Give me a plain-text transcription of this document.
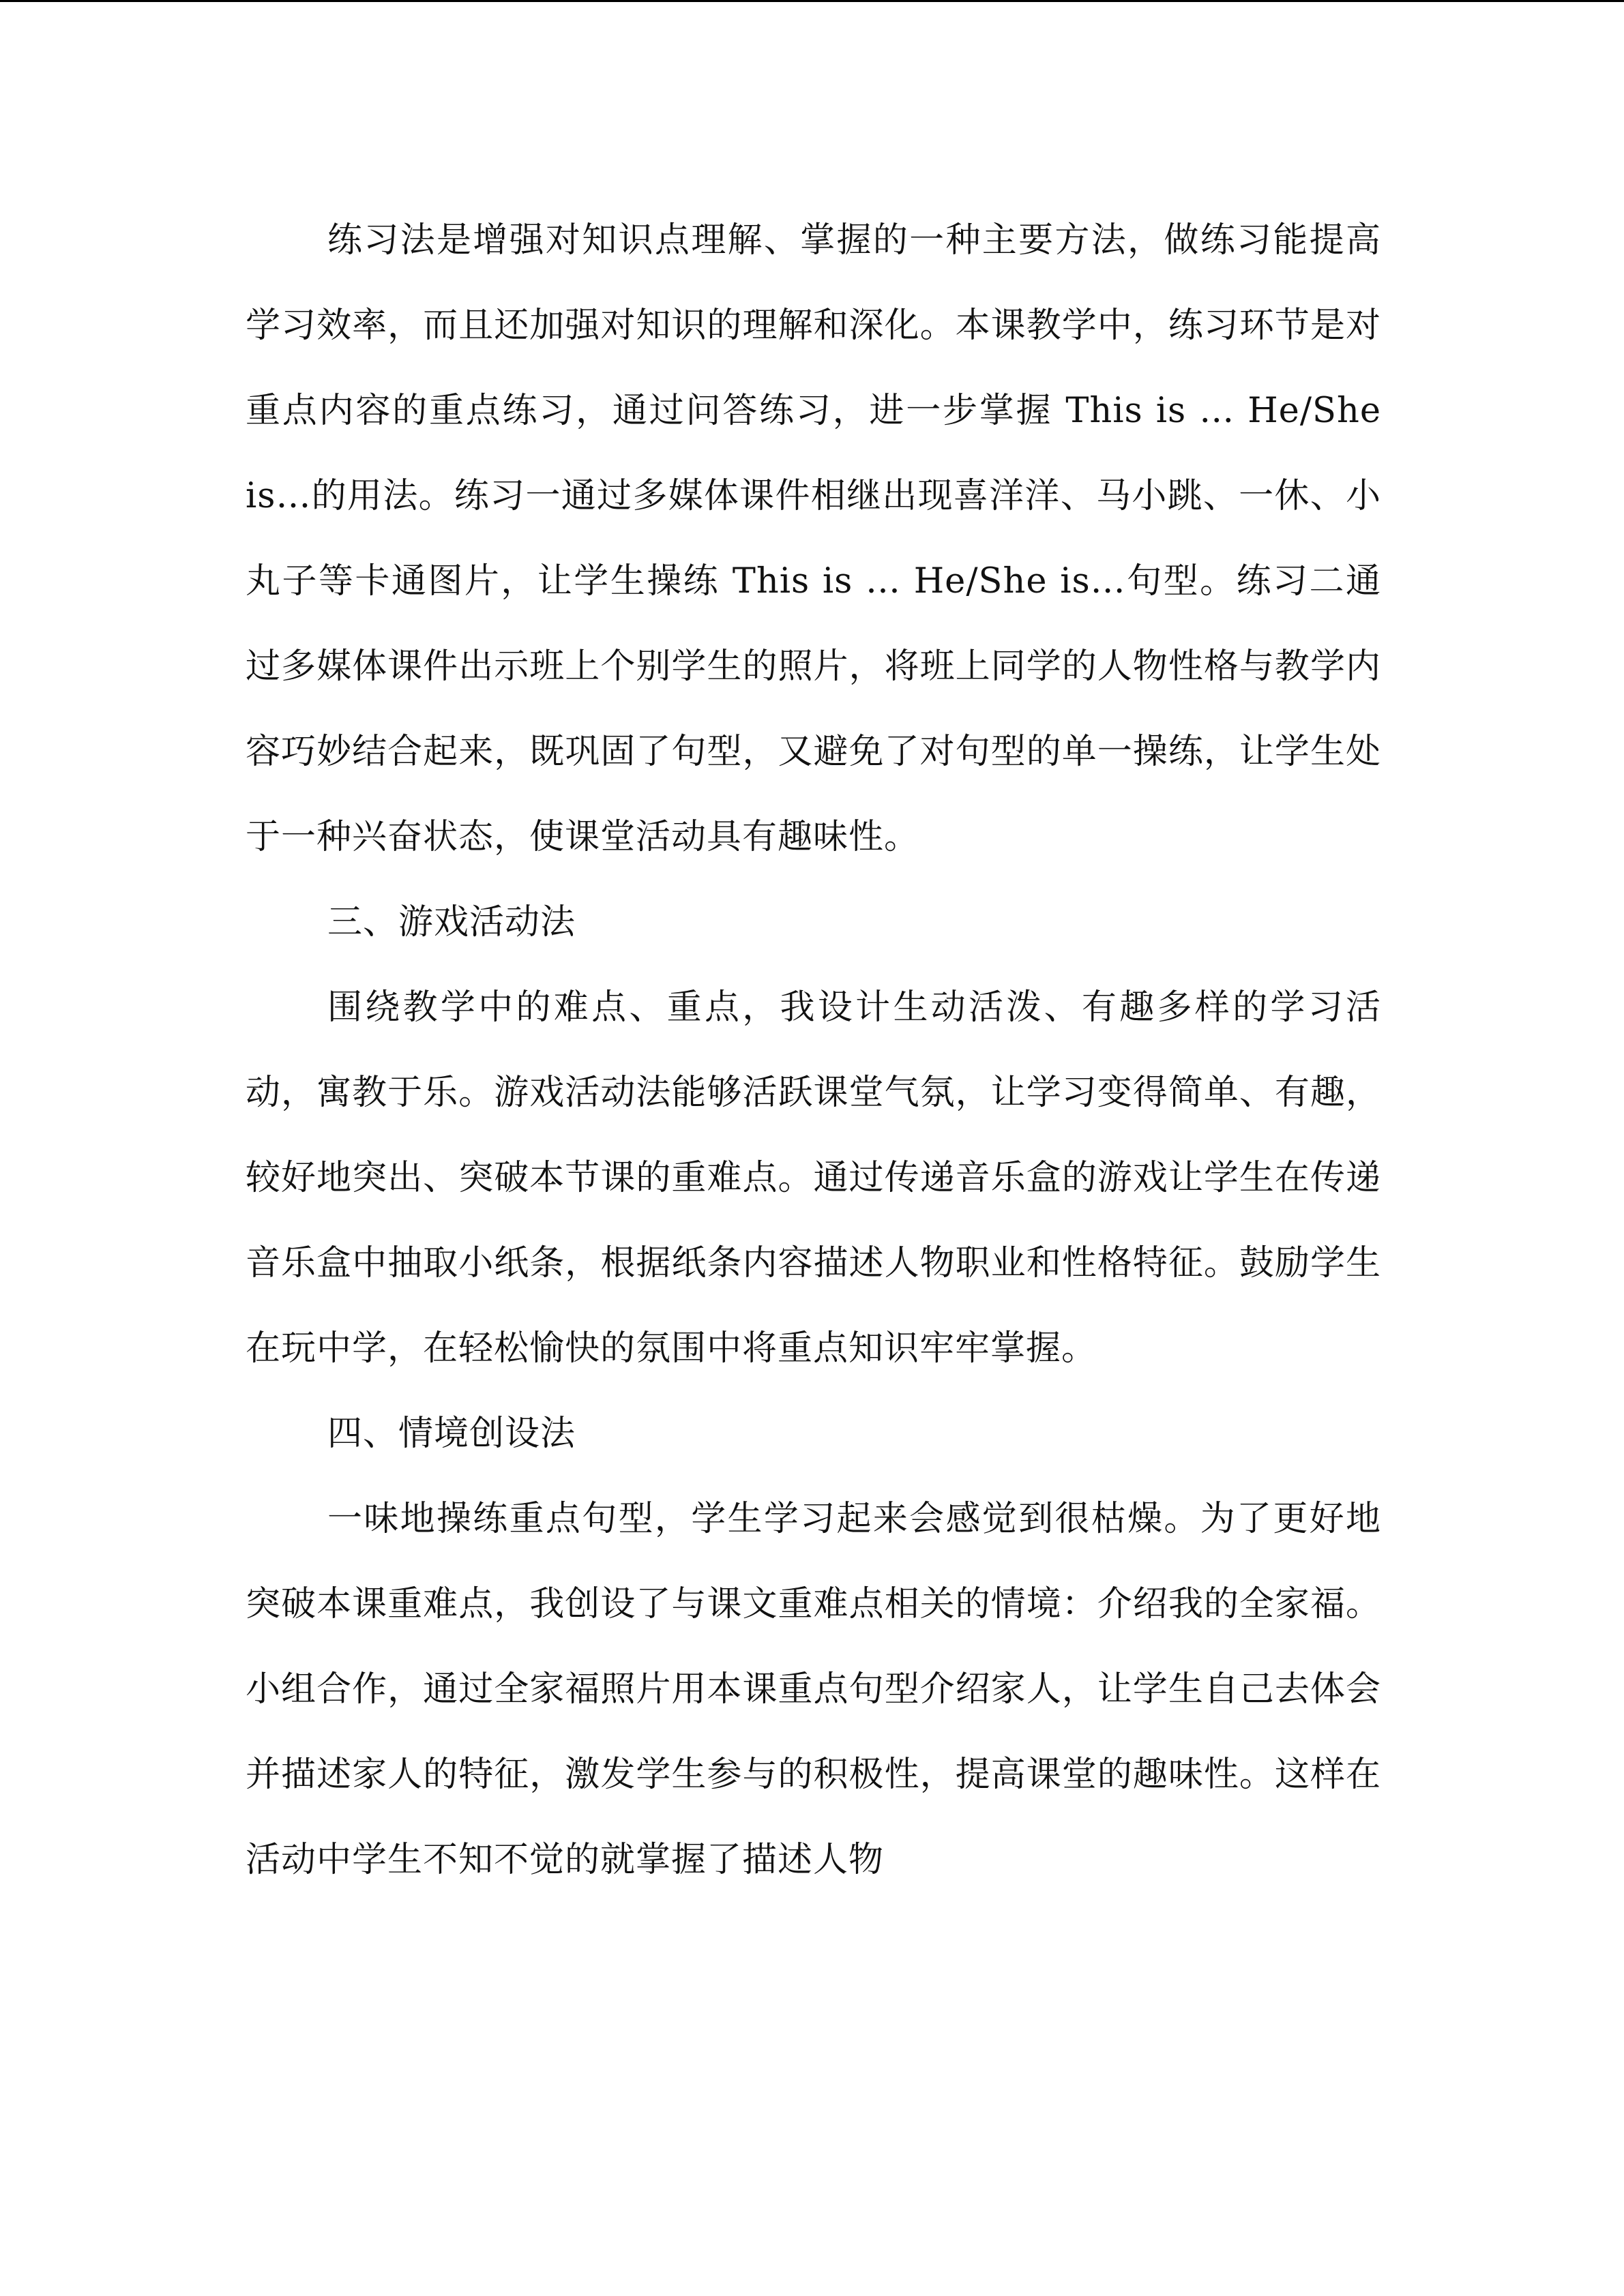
练习法是增强对知识点理解、掌握的一种主要方法，做练习能提高学习效率，而且还加强对知识的理解和深化。本课教学中，练习环节是对重点内容的重点练习，通过问答练习，进一步掌握 This is … He/She is…的用法。练习一通过多媒体课件相继出现喜洋洋、马小跳、一休、小丸子等卡通图片，让学生操练 This is … He/She is…句型。练习二通过多媒体课件出示班上个别学生的照片，将班上同学的人物性格与教学内容巧妙结合起来，既巩固了句型，又避免了对句型的单一操练，让学生处于一种兴奋状态，使课堂活动具有趣味性。

三、游戏活动法

围绕教学中的难点、重点，我设计生动活泼、有趣多样的学习活动，寓教于乐。游戏活动法能够活跃课堂气氛，让学习变得简单、有趣，较好地突出、突破本节课的重难点。通过传递音乐盒的游戏让学生在传递音乐盒中抽取小纸条，根据纸条内容描述人物职业和性格特征。鼓励学生在玩中学，在轻松愉快的氛围中将重点知识牢牢掌握。

四、情境创设法

一味地操练重点句型，学生学习起来会感觉到很枯燥。为了更好地突破本课重难点，我创设了与课文重难点相关的情境：介绍我的全家福。小组合作，通过全家福照片用本课重点句型介绍家人，让学生自己去体会并描述家人的特征，激发学生参与的积极性，提高课堂的趣味性。这样在活动中学生不知不觉的就掌握了描述人物
